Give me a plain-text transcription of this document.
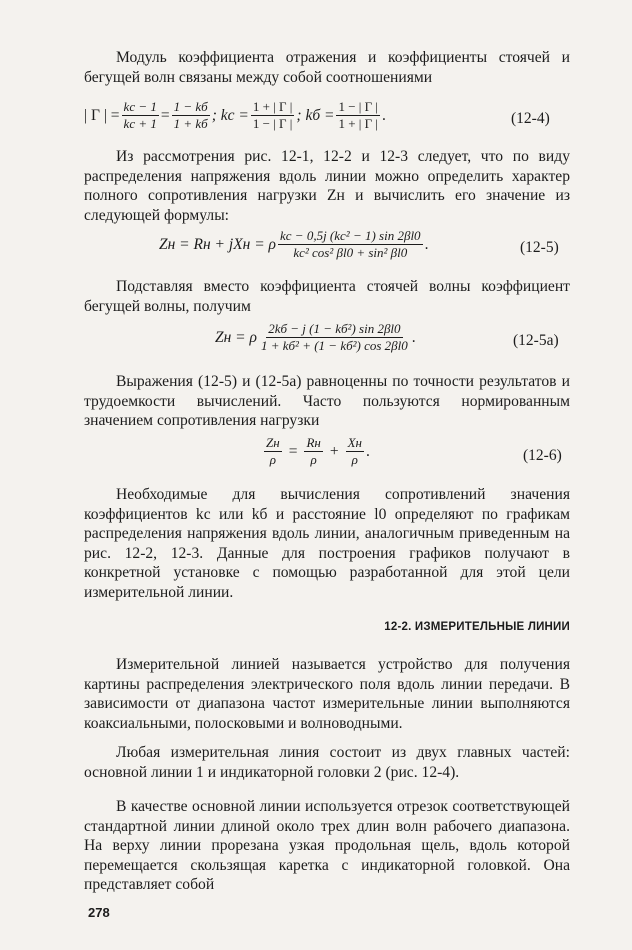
Модуль коэффициента отражения и коэффициенты стоячей и бегущей волн связаны между собой соотношениями

| Γ | = $\frac{kс - 1}{kс + 1} = \frac{1 - kб}{1 + kб}$ ; kс = $\frac{1 + | \Gamma |}{1 - | \Gamma |}$ ; kб = $\frac{1 - | \Gamma |}{1 + | \Gamma |}$ .	(12-4)

Из рассмотрения рис. 12-1, 12-2 и 12-3 следует, что по виду распределения напряжения вдоль линии можно определить характер полного сопротивления нагрузки Zн и вычислить его значение из следующей формулы:

Zн = Rн + jXн = ρ $\frac{\text{kс − 0,5j (kс² − 1) sin 2βl0}}{\text{kс² cos² βl0 + sin² βl0}}$ .	(12-5)

Подставляя вместо коэффициента стоячей волны коэффициент бегущей волны, получим

Zн = ρ $\frac{\text{2kб − j (1 − kб²) sin 2βl0}}{\text{1 + kб² + (1 − kб²) cos 2βl0}}$ .	(12-5а)

Выражения (12-5) и (12-5а) равноценны по точности результатов и трудоемкости вычислений. Часто пользуются нормированным значением сопротивления нагрузки

$\frac{Zн}{\rho} = \frac{Rн}{\rho} + \frac{Xн}{\rho}$ .	(12-6)

Необходимые для вычисления сопротивлений значения коэффициентов kс или kб и расстояние l0 определяют по графикам распределения напряжения вдоль линии, аналогичным приведенным на рис. 12-2, 12-3. Данные для построения графиков получают в конкретной установке с помощью разработанной для этой цели измерительной линии.

12-2. ИЗМЕРИТЕЛЬНЫЕ ЛИНИИ

Измерительной линией называется устройство для получения картины распределения электрического поля вдоль линии передачи. В зависимости от диапазона частот измерительные линии выполняются коаксиальными, полосковыми и волноводными.

Любая измерительная линия состоит из двух главных частей: основной линии 1 и индикаторной головки 2 (рис. 12-4).

В качестве основной линии используется отрезок соответствующей стандартной линии длиной около трех длин волн рабочего диапазона. На верху линии прорезана узкая продольная щель, вдоль которой перемещается скользящая каретка с индикаторной головкой. Она представляет собой

278
